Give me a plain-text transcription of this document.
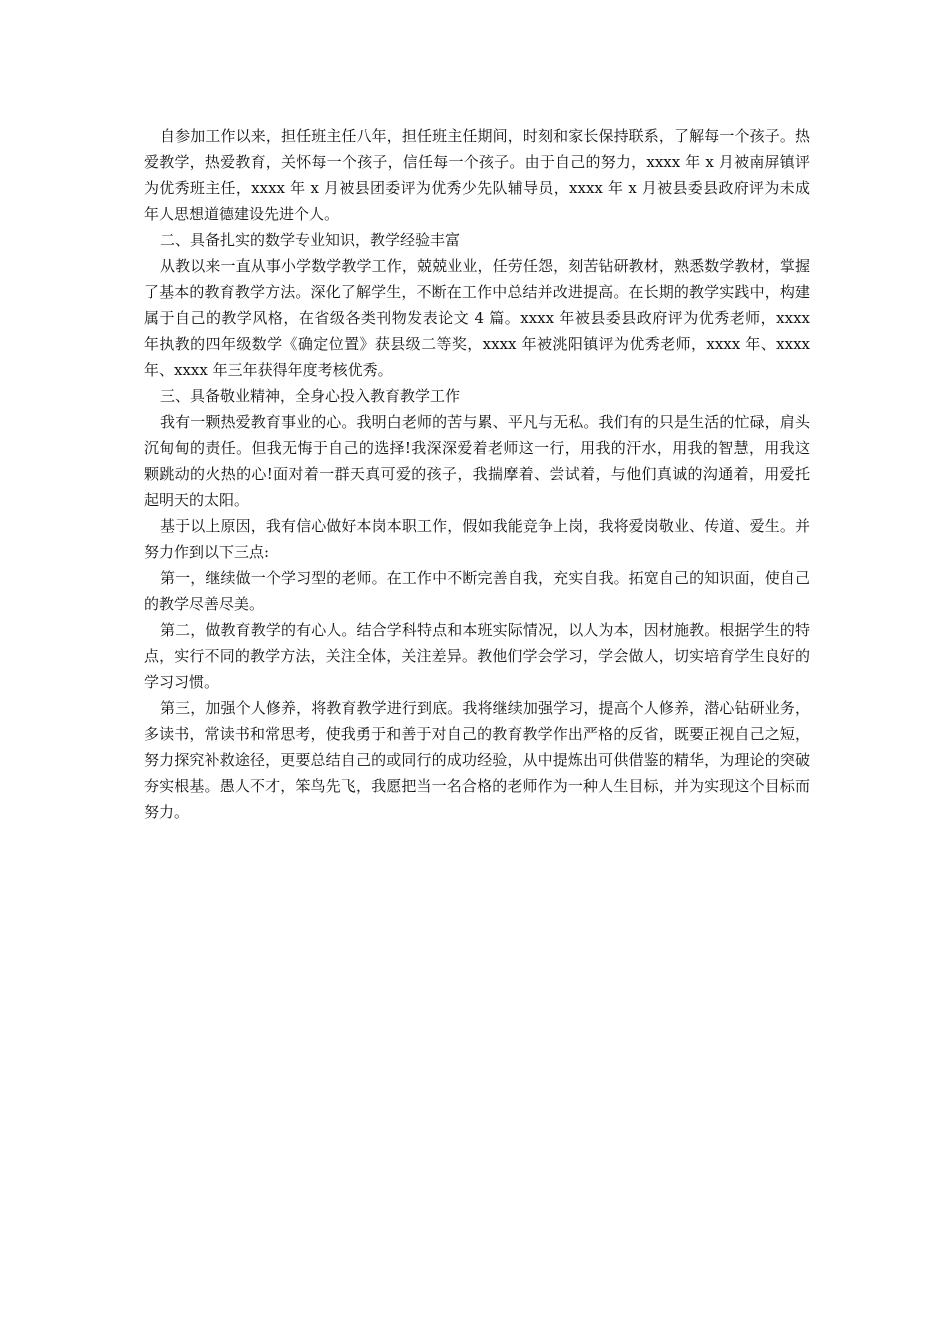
自参加工作以来，担任班主任八年，担任班主任期间，时刻和家长保持联系，了解每一个孩子。热爱教学，热爱教育，关怀每一个孩子，信任每一个孩子。由于自己的努力，xxxx 年 x 月被南屏镇评为优秀班主任，xxxx 年 x 月被县团委评为优秀少先队辅导员，xxxx 年 x 月被县委县政府评为未成年人思想道德建设先进个人。

二、具备扎实的数学专业知识，教学经验丰富

从教以来一直从事小学数学教学工作，兢兢业业，任劳任怨，刻苦钻研教材，熟悉数学教材，掌握了基本的教育教学方法。深化了解学生，不断在工作中总结并改进提高。在长期的教学实践中，构建属于自己的教学风格，在省级各类刊物发表论文 4 篇。xxxx 年被县委县政府评为优秀老师，xxxx 年执教的四年级数学《确定位置》获县级二等奖，xxxx 年被洮阳镇评为优秀老师，xxxx 年、xxxx 年、xxxx 年三年获得年度考核优秀。

三、具备敬业精神，全身心投入教育教学工作

我有一颗热爱教育事业的心。我明白老师的苦与累、平凡与无私。我们有的只是生活的忙碌，肩头沉甸甸的责任。但我无悔于自己的选择!我深深爱着老师这一行，用我的汗水，用我的智慧，用我这颗跳动的火热的心!面对着一群天真可爱的孩子，我揣摩着、尝试着，与他们真诚的沟通着，用爱托起明天的太阳。

基于以上原因，我有信心做好本岗本职工作，假如我能竞争上岗，我将爱岗敬业、传道、爱生。并努力作到以下三点:

第一，继续做一个学习型的老师。在工作中不断完善自我，充实自我。拓宽自己的知识面，使自己的教学尽善尽美。

第二，做教育教学的有心人。结合学科特点和本班实际情况，以人为本，因材施教。根据学生的特点，实行不同的教学方法，关注全体，关注差异。教他们学会学习，学会做人，切实培育学生良好的学习习惯。

第三，加强个人修养，将教育教学进行到底。我将继续加强学习，提高个人修养，潜心钻研业务，多读书，常读书和常思考，使我勇于和善于对自己的教育教学作出严格的反省，既要正视自己之短，努力探究补救途径，更要总结自己的或同行的成功经验，从中提炼出可供借鉴的精华，为理论的突破夯实根基。愚人不才，笨鸟先飞，我愿把当一名合格的老师作为一种人生目标，并为实现这个目标而努力。
